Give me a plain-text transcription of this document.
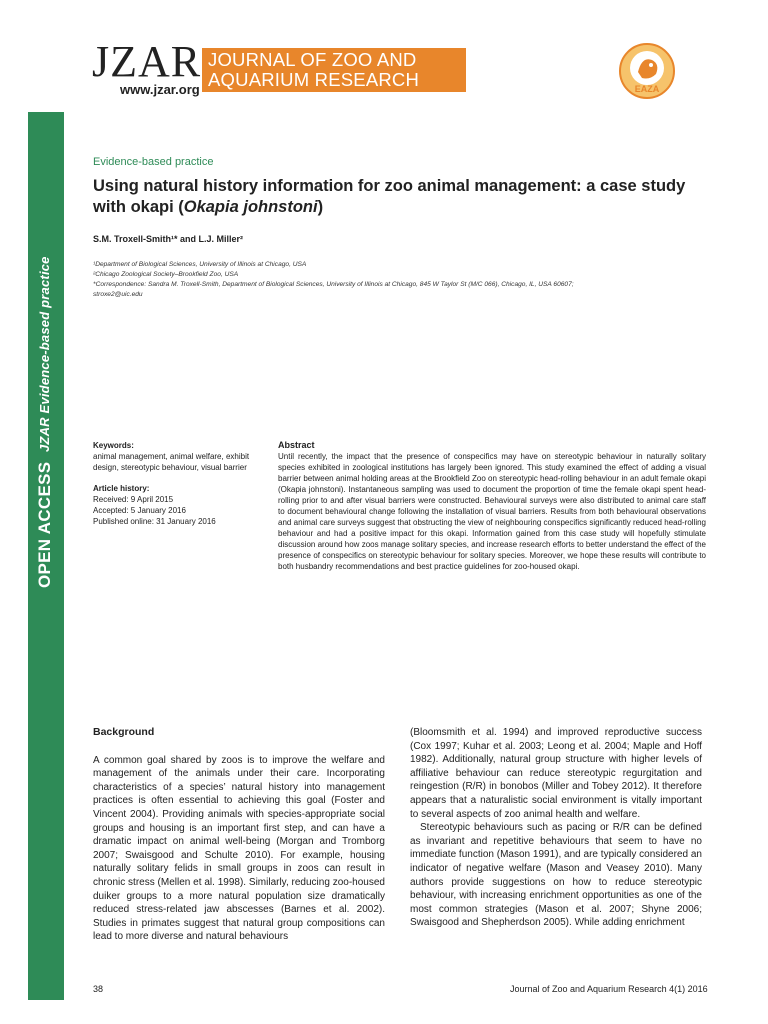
JZAR Evidence-based practice
OPEN ACCESS
JZAR
www.jzar.org
JOURNAL OF ZOO AND
AQUARIUM RESEARCH	EAZA
Evidence-based practice
Using natural history information for zoo animal management: a case study with okapi (Okapia johnstoni)
S.M. Troxell-Smith¹* and L.J. Miller²
¹Department of Biological Sciences, University of Illinois at Chicago, USA
²Chicago Zoological Society–Brookfield Zoo, USA
*Correspondence: Sandra M. Troxell-Smith, Department of Biological Sciences, University of Illinois at Chicago, 845 W Taylor St (M/C 066), Chicago, IL, USA 60607;
stroxe2@uic.edu
Keywords:
animal management, animal welfare, exhibit design, stereotypic behaviour, visual barrier
Article history:
Received: 9 April 2015
Accepted: 5 January 2016
Published online: 31 January 2016
Abstract
Until recently, the impact that the presence of conspecifics may have on stereotypic behaviour in naturally solitary species exhibited in zoological institutions has largely been ignored. This study examined the effect of adding a visual barrier between animal holding areas at the Brookfield Zoo on stereotypic head-rolling behaviour in an adult female okapi (Okapia johnstoni). Instantaneous sampling was used to document the proportion of time the female okapi spent head-rolling prior to and after visual barriers were constructed. Behavioural surveys were also distributed to animal care staff to document behavioural change following the installation of visual barriers. Results from both behavioural observations and animal care surveys suggest that obstructing the view of neighbouring conspecifics significantly reduced head-rolling behaviour and had a positive impact for this okapi. Information gained from this case study will hopefully stimulate discussion around how zoos manage solitary species, and increase research efforts to better understand the effect of the presence of conspecifics on stereotypic behaviour for solitary species. Moreover, we hope these results will contribute to both husbandry recommendations and best practice guidelines for zoo-housed okapi.
Background

A common goal shared by zoos is to improve the welfare and management of the animals under their care. Incorporating characteristics of a species’ natural history into management practices is often essential to achieving this goal (Foster and Vincent 2004). Providing animals with species-appropriate social groups and housing is an important first step, and can have a dramatic impact on animal well-being (Morgan and Tromborg 2007; Swaisgood and Schulte 2010). For example, housing naturally solitary felids in small groups in zoos can result in chronic stress (Mellen et al. 1998). Similarly, reducing zoo-housed duiker groups to a more natural population size dramatically reduced stress-related jaw abscesses (Barnes et al. 2002). Studies in primates suggest that natural group compositions can lead to more diverse and natural behaviours

(Bloomsmith et al. 1994) and improved reproductive success (Cox 1997; Kuhar et al. 2003; Leong et al. 2004; Maple and Hoff 1982). Additionally, natural group structure with higher levels of affiliative behaviour can reduce stereotypic regurgitation and reingestion (R/R) in bonobos (Miller and Tobey 2012). It therefore appears that a naturalistic social environment is vitally important to several aspects of zoo animal health and welfare.

Stereotypic behaviours such as pacing or R/R can be defined as invariant and repetitive behaviours that seem to have no immediate function (Mason 1991), and are typically considered an indicator of negative welfare (Mason and Veasey 2010). Many authors provide suggestions on how to reduce stereotypic behaviour, with increasing enrichment opportunities as one of the most common strategies (Mason et al. 2007; Shyne 2006; Swaisgood and Shepherdson 2005). While adding enrichment

38	Journal of Zoo and Aquarium Research 4(1) 2016
